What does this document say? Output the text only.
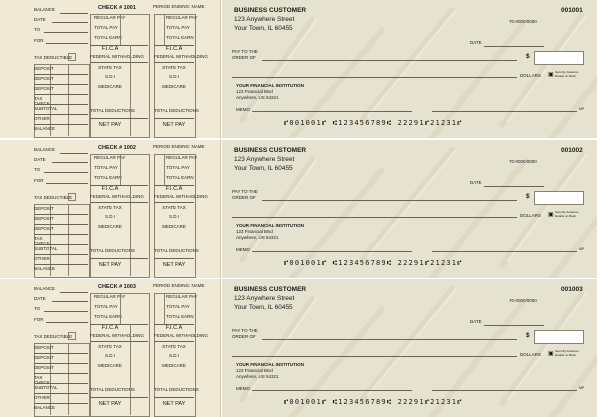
BALANCE	CHECK # 1001
DATE
TO
FOR
TAX DEDUCTIBLE
DEPOSIT
DEPOSIT
DEPOSIT
TAX CHECK
SUBTOTAL
OTHER
BALANCE
PERIOD ENDING: NAME
REGULAR PAY
TOTAL PAY
TOTAL EARN
REGULAR PAY
TOTAL PAY
TOTAL EARN
F.I.C.A	F.I.C.A
FEDERAL WITHHOLDING FEDERAL WITHHOLDING
STATE TAX	STATE TAX
S.D.I	S.D.I
MEDICARE	MEDICARE
TOTAL DEDUCTIONS	TOTAL DEDUCTIONS
NET PAY	NET PAY
BUSINESS CUSTOMER
123 Anywhere Street
Your Town, IL 60455
001001
70-0000/0000
DATE
PAY TO THE
ORDER OF	$
DOLLARS ▣ Security Features Details on Back
YOUR FINANCIAL INSTITUTION
123 Financial Blvd
Anywhere, US 54321
MEMO	MP
⑈001001⑈ ⑆123456789⑆ 22291⑈21231⑈
BALANCE	CHECK # 1002
DATE
TO
FOR
TAX DEDUCTIBLE
DEPOSIT
DEPOSIT
DEPOSIT
TAX CHECK
SUBTOTAL
OTHER
BALANCE
PERIOD ENDING: NAME
REGULAR PAY
TOTAL PAY
TOTAL EARN
REGULAR PAY
TOTAL PAY
TOTAL EARN
F.I.C.A	F.I.C.A
FEDERAL WITHHOLDING FEDERAL WITHHOLDING
STATE TAX	STATE TAX
S.D.I	S.D.I
MEDICARE	MEDICARE
TOTAL DEDUCTIONS	TOTAL DEDUCTIONS
NET PAY	NET PAY
BUSINESS CUSTOMER
123 Anywhere Street
Your Town, IL 60455
001002
70-0000/0000
DATE
PAY TO THE
ORDER OF	$
DOLLARS ▣ Security Features Details on Back
YOUR FINANCIAL INSTITUTION
123 Financial Blvd
Anywhere, US 54321
MEMO	MP
⑈001001⑈ ⑆123456789⑆ 22291⑈21231⑈
BALANCE	CHECK # 1003
DATE
TO
FOR
TAX DEDUCTIBLE
DEPOSIT
DEPOSIT
DEPOSIT
TAX CHECK
SUBTOTAL
OTHER
BALANCE
PERIOD ENDING: NAME
REGULAR PAY
TOTAL PAY
TOTAL EARN
REGULAR PAY
TOTAL PAY
TOTAL EARN
F.I.C.A	F.I.C.A
FEDERAL WITHHOLDING FEDERAL WITHHOLDING
STATE TAX	STATE TAX
S.D.I	S.D.I
MEDICARE	MEDICARE
TOTAL DEDUCTIONS	TOTAL DEDUCTIONS
NET PAY	NET PAY
BUSINESS CUSTOMER
123 Anywhere Street
Your Town, IL 60455
001003
70-0000/0000
DATE
PAY TO THE
ORDER OF	$
DOLLARS ▣ Security Features Details on Back
YOUR FINANCIAL INSTITUTION
123 Financial Blvd
Anywhere, US 54321
MEMO	MP
⑈001001⑈ ⑆123456789⑆ 22291⑈21231⑈
